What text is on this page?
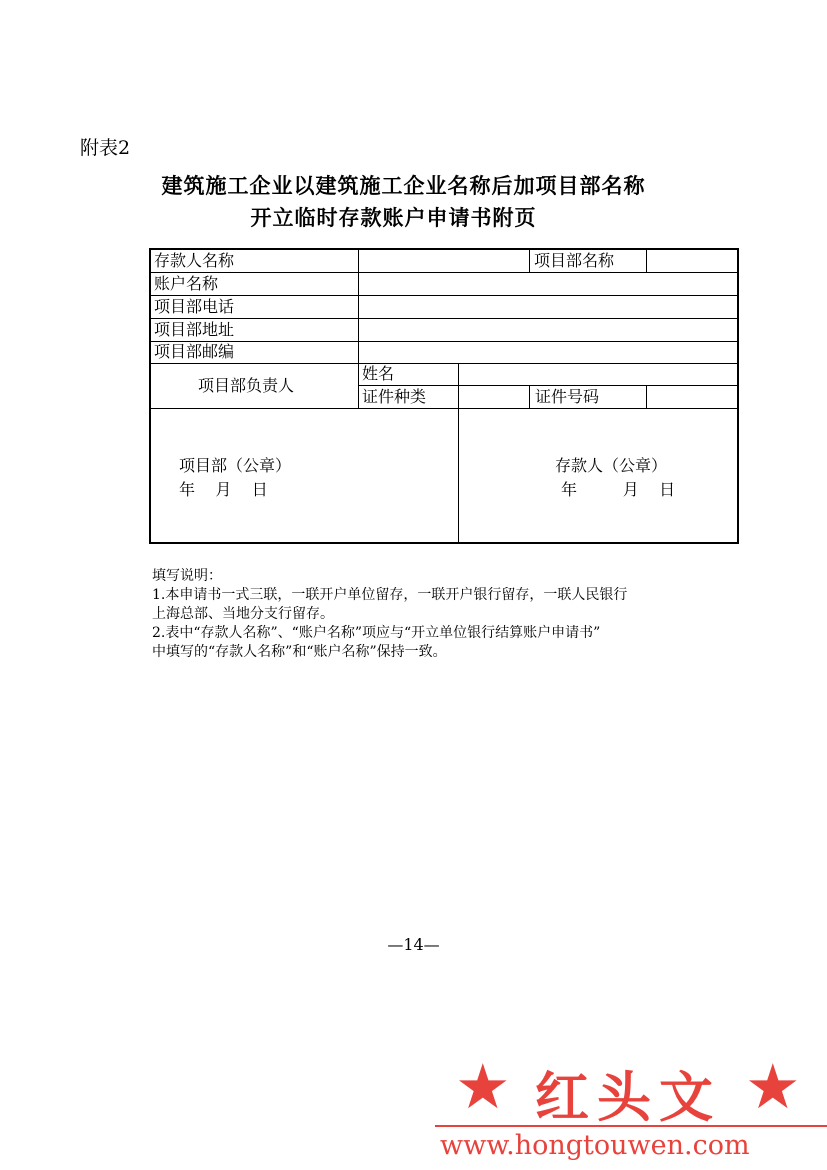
附表2
建筑施工企业以建筑施工企业名称后加项目部名称
开立临时存款账户申请书附页
存款人名称	项目部名称
账户名称
项目部电话
项目部地址
项目部邮编
项目部负责人
姓名
证件种类	证件号码
项目部（公章）
年    月    日
存款人（公章）
年         月    日
填写说明：
1.本申请书一式三联，一联开户单位留存，一联开户银行留存，一联人民银行
上海总部、当地分支行留存。
2.表中“存款人名称”、“账户名称”项应与“开立单位银行结算账户申请书”
中填写的“存款人名称”和“账户名称”保持一致。
—14—
★ 红头文 ★
www.hongtouwen.com
